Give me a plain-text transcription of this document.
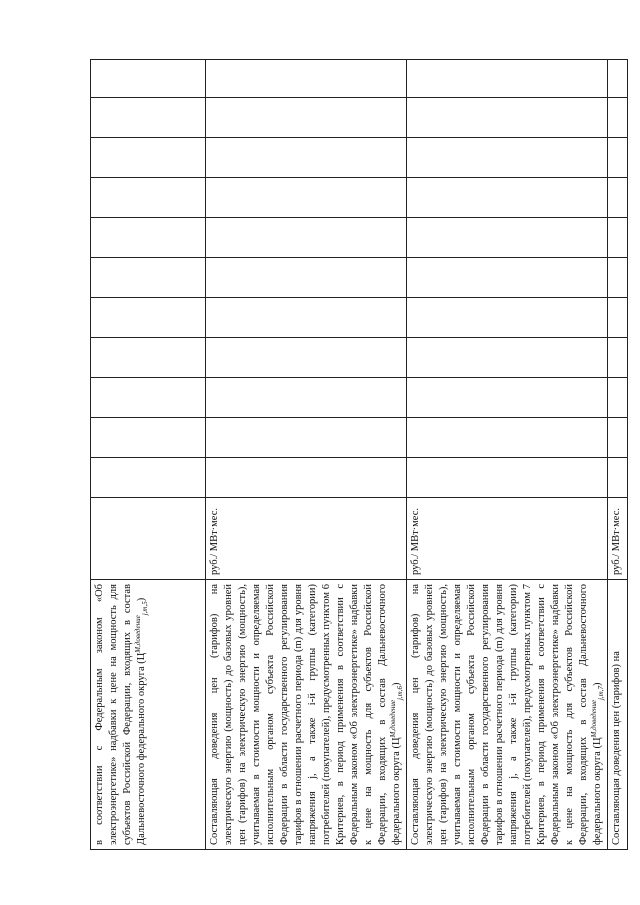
в соответствии с Федеральным законом «Об электроэнергетике» надбавки к цене на мощность для субъектов Российской Федерации, входящих в состав Дальневосточного федерального округа $(Ц^{М,доведение}_{j,m,5})$												
Составляющая доведения цен (тарифов) на электрическую энергию (мощность) до базовых уровней цен (тарифов) на электрическую энергию (мощность), учитываемая в стоимости мощности и определяемая исполнительным органом субъекта Российской Федерации в области государственного регулирования тарифов в отношении расчетного периода (m) для уровня напряжения j, а также i-й группы (категории) потребителей (покупателей), предусмотренных пунктом 6 Критериев, в период применения в соответствии с Федеральным законом «Об электроэнергетике» надбавки к цене на мощность для субъектов Российской Федерации, входящих в состав Дальневосточного федерального округа $(Ц^{М,доведение}_{j,m,6})$	руб./ МВт·мес.											
Составляющая доведения цен (тарифов) на электрическую энергию (мощность) до базовых уровней цен (тарифов) на электрическую энергию (мощность), учитываемая в стоимости мощности и определяемая исполнительным органом субъекта Российской Федерации в области государственного регулирования тарифов в отношении расчетного периода (m) для уровня напряжения j, а также i-й группы (категории) потребителей (покупателей), предусмотренных пунктом 7 Критериев, в период применения в соответствии с Федеральным законом «Об электроэнергетике» надбавки к цене на мощность для субъектов Российской Федерации, входящих в состав Дальневосточного федерального округа $(Ц^{М,доведение}_{j,m,7})$	руб./ МВт·мес.											
Составляющая доведения цен (тарифов) на	руб./ МВт·мес.											
